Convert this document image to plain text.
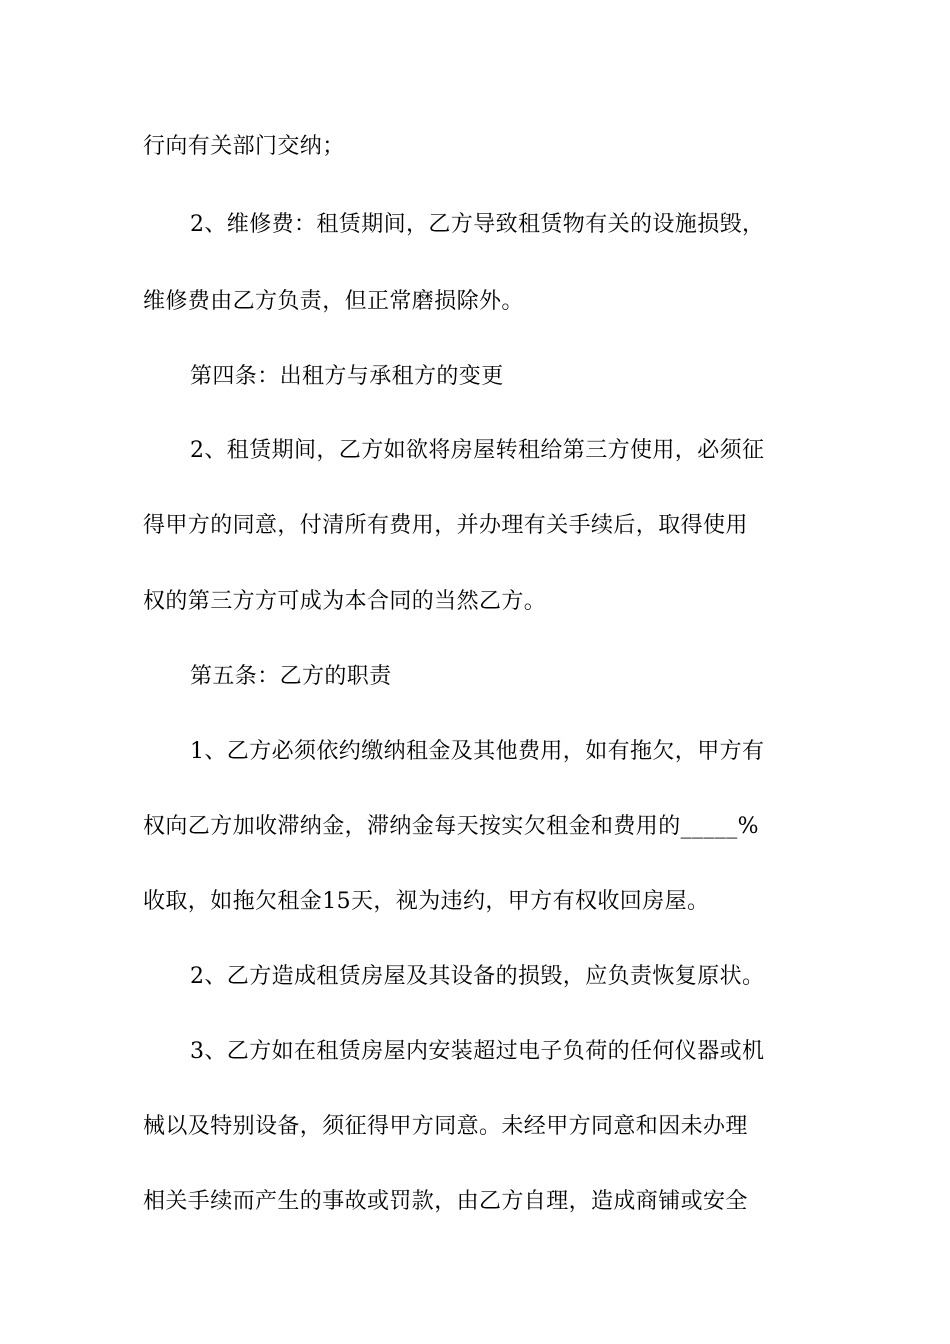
行向有关部门交纳；

2、维修费：租赁期间，乙方导致租赁物有关的设施损毁，

维修费由乙方负责，但正常磨损除外。

第四条：出租方与承租方的变更

2、租赁期间，乙方如欲将房屋转租给第三方使用，必须征

得甲方的同意，付清所有费用，并办理有关手续后，取得使用

权的第三方方可成为本合同的当然乙方。

第五条：乙方的职责

1、乙方必须依约缴纳租金及其他费用，如有拖欠，甲方有

权向乙方加收滞纳金，滞纳金每天按实欠租金和费用的_____%

收取，如拖欠租金15天，视为违约，甲方有权收回房屋。

2、乙方造成租赁房屋及其设备的损毁，应负责恢复原状。

3、乙方如在租赁房屋内安装超过电子负荷的任何仪器或机

械以及特别设备，须征得甲方同意。未经甲方同意和因未办理

相关手续而产生的事故或罚款，由乙方自理，造成商铺或安全
